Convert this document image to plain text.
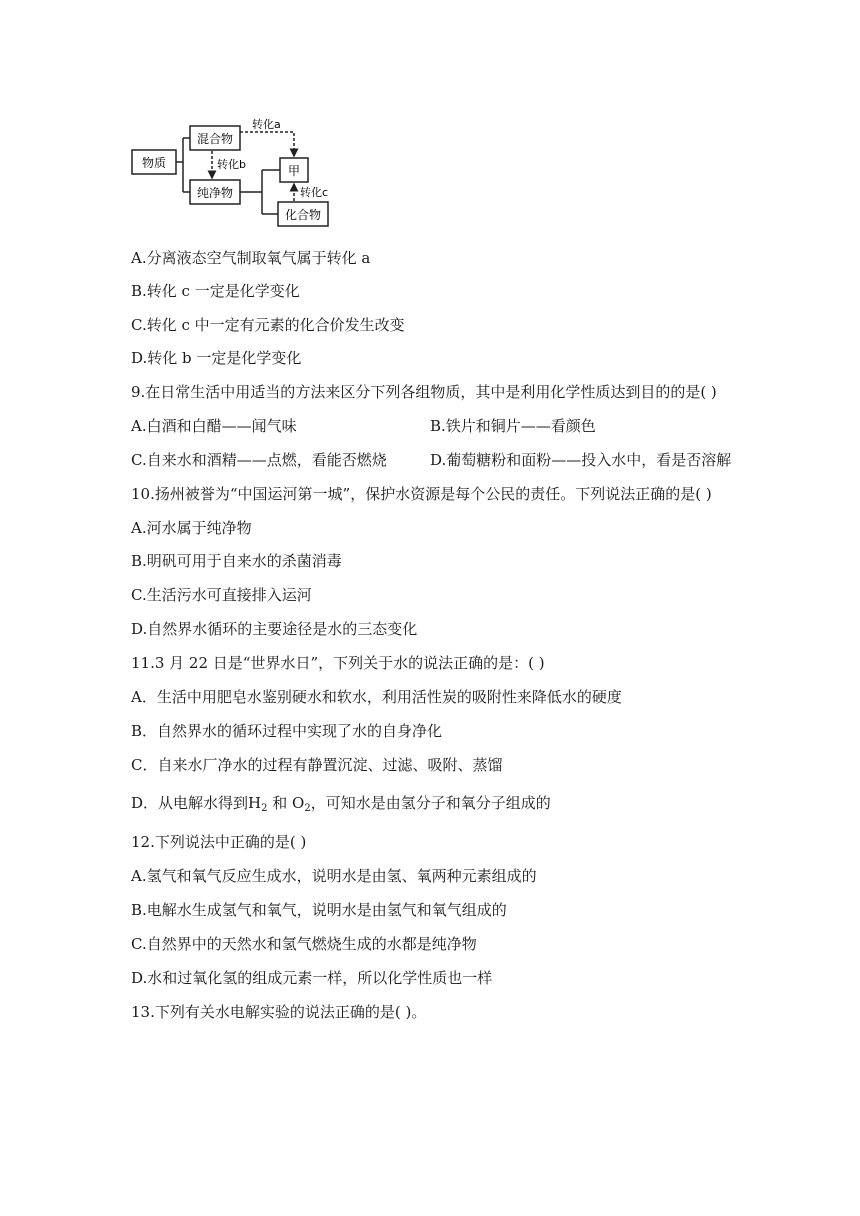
物质
混合物
纯净物
甲
化合物
转化a
转化b
转化c
A.分离液态空气制取氧气属于转化 a
B.转化 c 一定是化学变化
C.转化 c 中一定有元素的化合价发生改变
D.转化 b 一定是化学变化
9.在日常生活中用适当的方法来区分下列各组物质，其中是利用化学性质达到目的的是( )
A.白酒和白醋——闻气味	B.铁片和铜片——看颜色
C.自来水和酒精——点燃，看能否燃烧	D.葡萄糖粉和面粉——投入水中，看是否溶解
10.扬州被誉为“中国运河第一城”，保护水资源是每个公民的责任。下列说法正确的是( )
A.河水属于纯净物
B.明矾可用于自来水的杀菌消毒
C.生活污水可直接排入运河
D.自然界水循环的主要途径是水的三态变化
11.3 月 22 日是“世界水日”，下列关于水的说法正确的是：( )
A．生活中用肥皂水鉴别硬水和软水，利用活性炭的吸附性来降低水的硬度
B．自然界水的循环过程中实现了水的自身净化
C．自来水厂净水的过程有静置沉淀、过滤、吸附、蒸馏
D．从电解水得到$H_2$ 和 $O_2$，可知水是由氢分子和氧分子组成的
12.下列说法中正确的是( )
A.氢气和氧气反应生成水，说明水是由氢、氧两种元素组成的
B.电解水生成氢气和氧气，说明水是由氢气和氧气组成的
C.自然界中的天然水和氢气燃烧生成的水都是纯净物
D.水和过氧化氢的组成元素一样，所以化学性质也一样
13.下列有关水电解实验的说法正确的是( )。
